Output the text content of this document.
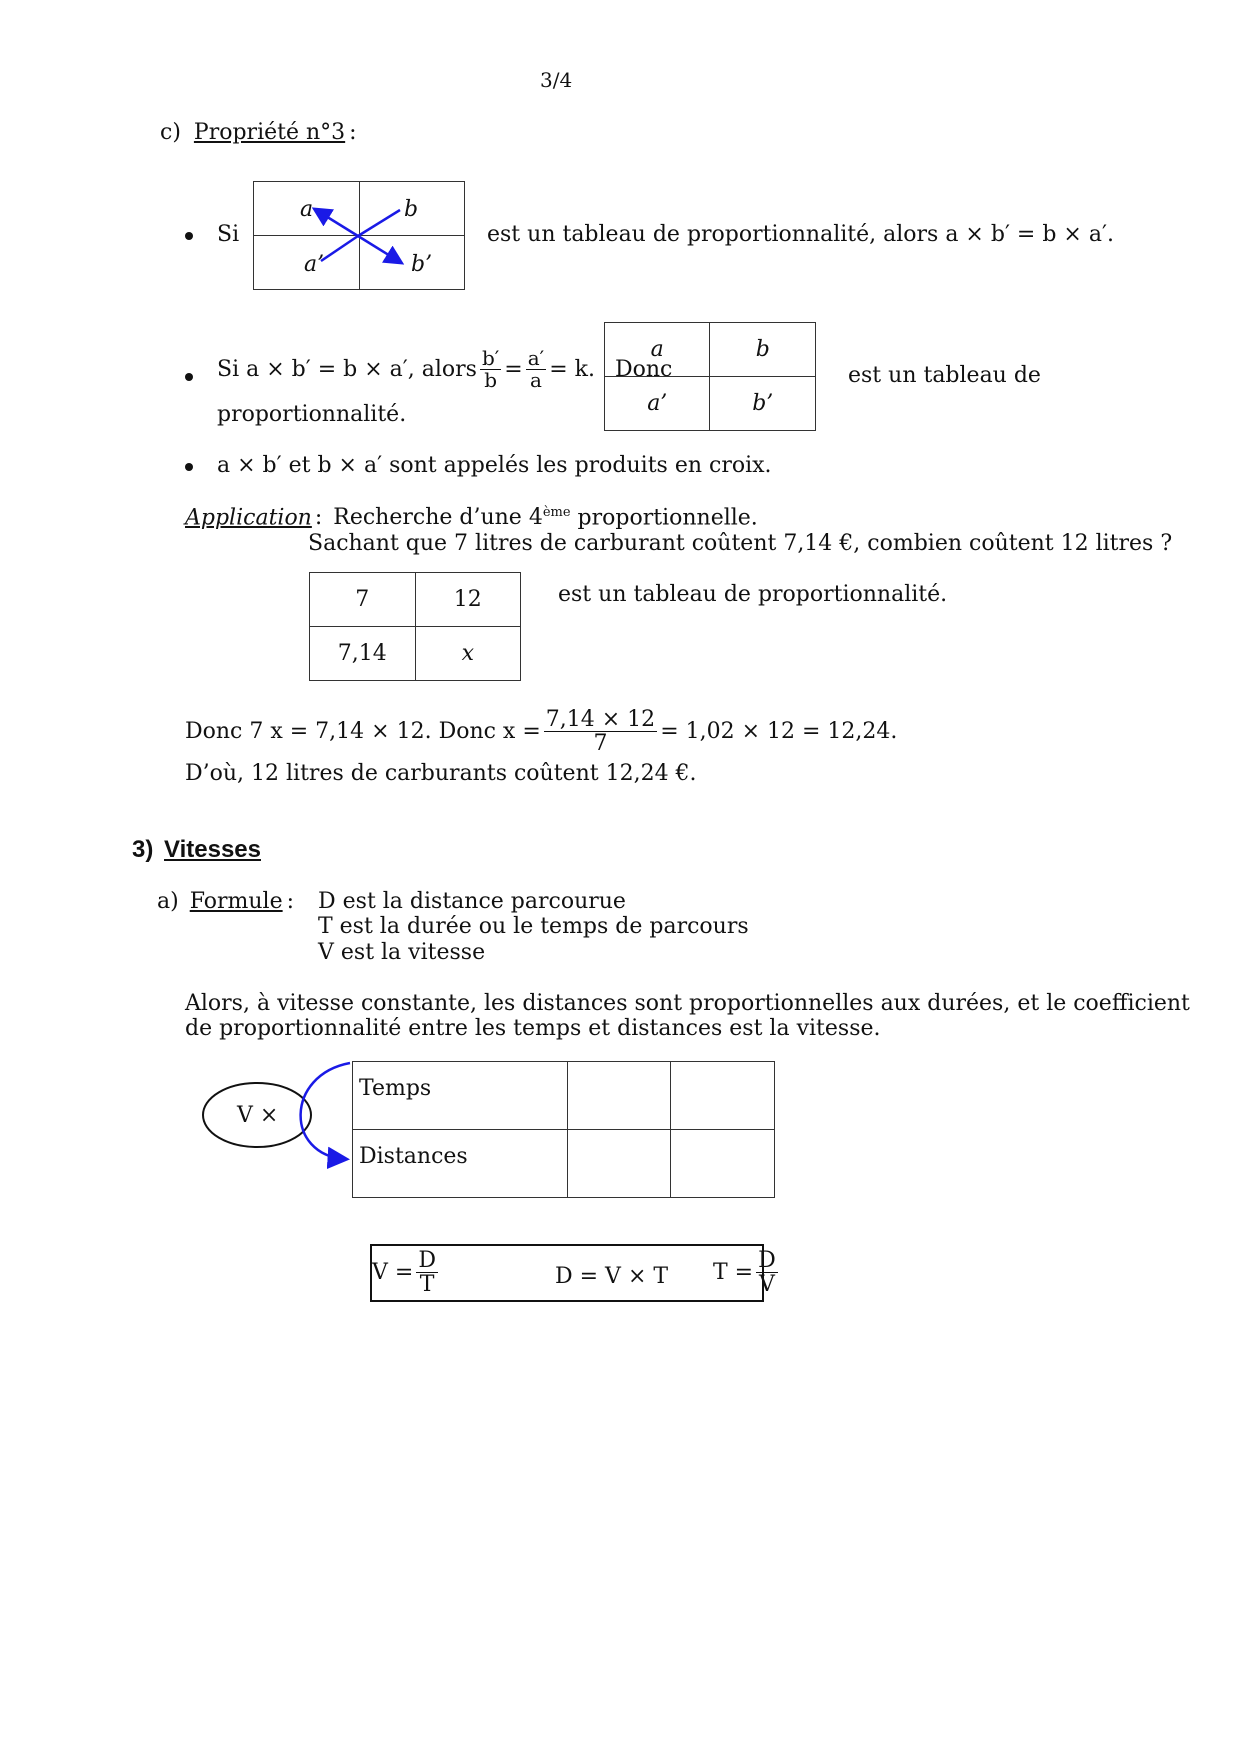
3/4
c) Propriété n°3 :
Si

a	b
a’	b’
est un tableau de proportionnalité, alors a × b′ = b × a′.
Si a × b′ = b × a′, alors $\frac{b'}{b} = \frac{a'}{a} = k$. Donc
a	b
a’	b’
est un tableau de
proportionnalité.
a × b′ et b × a′ sont appelés les produits en croix.
Application : Recherche d’une 4ème proportionnelle.
Sachant que 7 litres de carburant coûtent 7,14 €, combien coûtent 12 litres ?
7	12
7,14	x
est un tableau de proportionnalité.
Donc 7 x = 7,14 × 12. Donc $x = \frac{7,14 \times 12}{7} = 1,02 \times 12 = 12,24$.
D’où, 12 litres de carburants coûtent 12,24 €.
3) Vitesses
a) Formule : D est la distance parcourue
T est la durée ou le temps de parcours
V est la vitesse
Alors, à vitesse constante, les distances sont proportionnelles aux durées, et le coefficient
de proportionnalité entre les temps et distances est la vitesse.
V ×
Temps		
Distances		
$V = \frac{D}{T}$	D = V × T $T = \frac{D}{V}$
